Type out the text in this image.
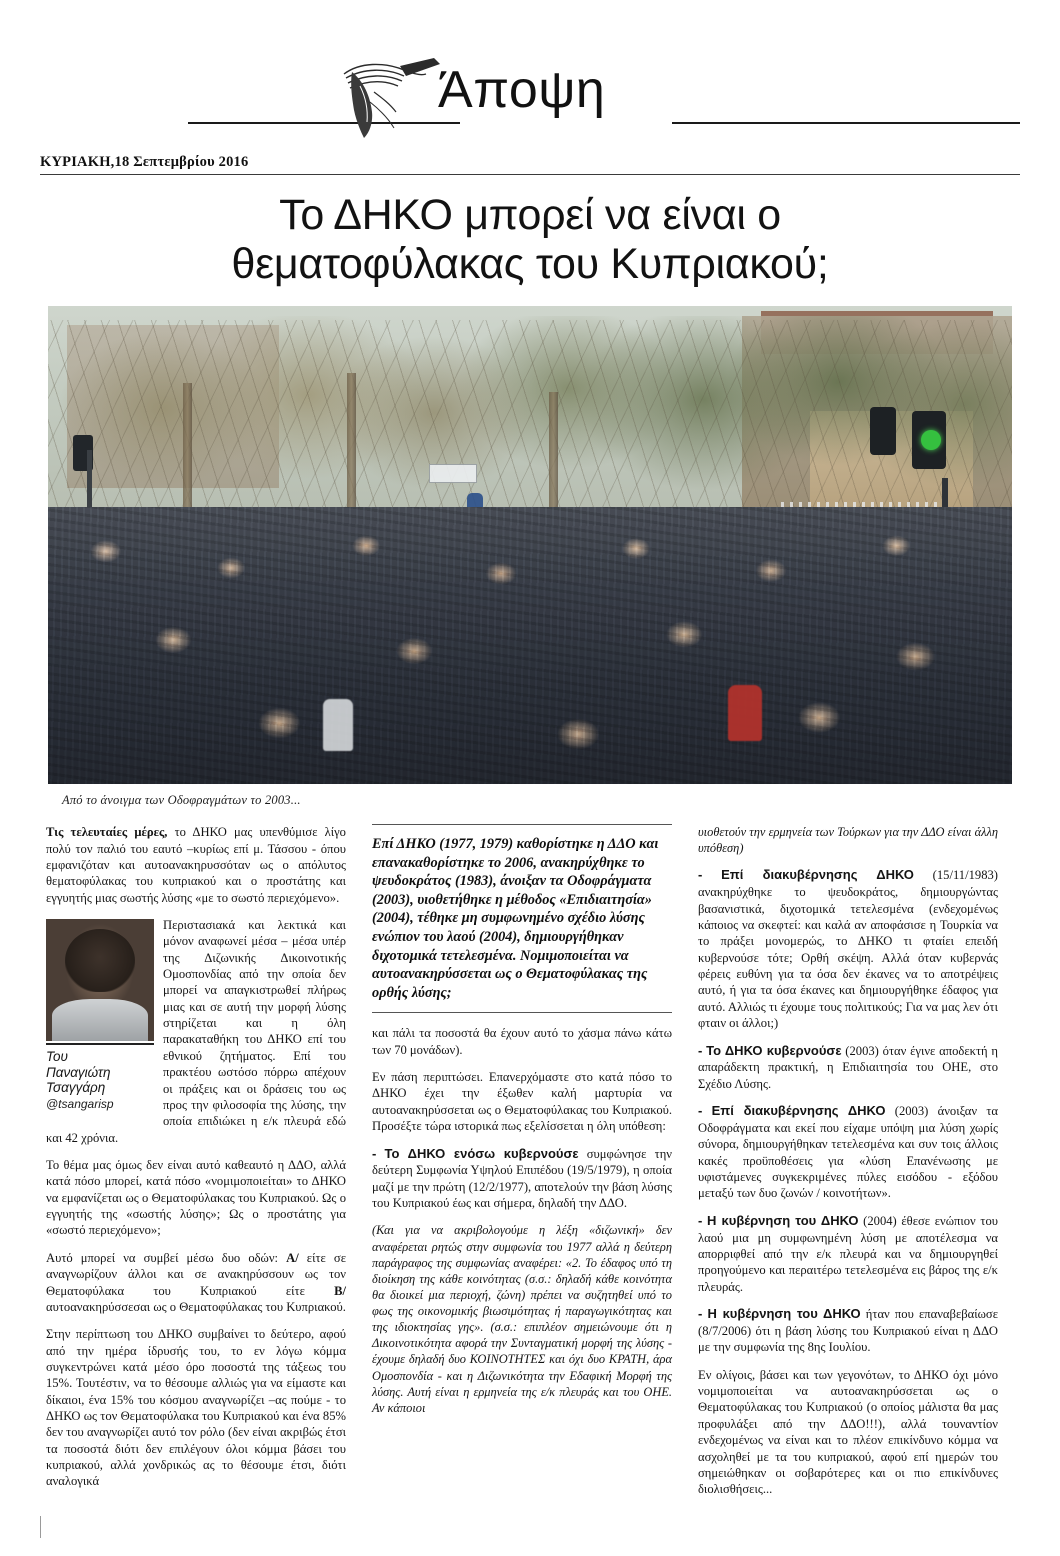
Άποψη
ΚΥΡΙΑΚΗ,18 Σεπτεμβρίου 2016
Το ΔΗΚΟ μπορεί να είναι ο
θεματοφύλακας του Κυπριακού;
Από το άνοιγμα των Οδοφραγμάτων το 2003...

Τις τελευταίες μέρες, το ΔΗΚΟ μας υπενθύμισε λίγο πολύ τον παλιό του εαυτό –κυρίως επί μ. Τάσσου - όπου εμφανιζόταν και αυτοανακηρυσσόταν ως ο απόλυτος θεματοφύλακας του κυπριακού και ο προστάτης και εγγυητής μιας σωστής λύσης «με το σωστό περιεχόμενο».

Του
Παναγιώτη
Τσαγγάρη
@tsangarisp

Περιστασιακά και λεκτικά και μόνον αναφωνεί μέσα – μέσα υπέρ της Διζωνικής Δικοινοτικής Ομοσπονδίας από την οποία δεν μπορεί να απαγκιστρωθεί πλήρως μιας και σε αυτή την μορφή λύσης στηρίζεται και η όλη παρακαταθήκη του ΔΗΚΟ επί του εθνικού ζητήματος. Επί του πρακτέου ωστόσο πόρρω απέχουν οι πράξεις και οι δράσεις του ως προς την φιλοσοφία της λύσης, την οποία επιδιώκει η ε/κ πλευρά εδώ και 42 χρόνια.

Το θέμα μας όμως δεν είναι αυτό καθεαυτό η ΔΔΟ, αλλά κατά πόσο μπορεί, κατά πόσο «νομιμοποιείται» το ΔΗΚΟ να εμφανίζεται ως ο Θεματοφύλακας του Κυπριακού. Ως ο εγγυητής της «σωστής λύσης»; Ως ο προστάτης για «σωστό περιεχόμενο»;

Αυτό μπορεί να συμβεί μέσω δυο οδών: Α/ είτε σε αναγνωρίζουν άλλοι και σε ανακηρύσσουν ως τον Θεματοφύλακα του Κυπριακού είτε Β/ αυτοανακηρύσσεσαι ως ο Θεματοφύλακας του Κυπριακού.

Στην περίπτωση του ΔΗΚΟ συμβαίνει το δεύτερο, αφού από την ημέρα ίδρυσής του, το εν λόγω κόμμα συγκεντρώνει κατά μέσο όρο ποσοστά της τάξεως του 15%. Τουτέστιν, να το θέσουμε αλλιώς για να είμαστε και δίκαιοι, ένα 15% του κόσμου αναγνωρίζει –ας πούμε - το ΔΗΚΟ ως τον Θεματοφύλακα του Κυπριακού και ένα 85% δεν του αναγνωρίζει αυτό τον ρόλο (δεν είναι ακριβώς έτσι τα ποσοστά διότι δεν επιλέγουν όλοι κόμμα βάσει του κυπριακού, αλλά χονδρικώς ας το θέσουμε έτσι, διότι αναλογικά

Επί ΔΗΚΟ (1977, 1979) καθορίστηκε η ΔΔΟ και επανακαθορίστηκε το 2006, ανακηρύχθηκε το ψευδοκράτος (1983), άνοιξαν τα Οδοφράγματα (2003), υιοθετήθηκε η μέθοδος «Επιδιαιτησία» (2004), τέθηκε μη συμφωνημένο σχέδιο λύσης ενώπιον του λαού (2004), δημιουργήθηκαν διχοτομικά τετελεσμένα. Νομιμοποιείται να αυτοανακηρύσσεται ως ο Θεματοφύλακας της ορθής λύσης;

και πάλι τα ποσοστά θα έχουν αυτό το χάσμα πάνω κάτω των 70 μονάδων).

Εν πάση περιπτώσει. Επανερχόμαστε στο κατά πόσο το ΔΗΚΟ έχει την έξωθεν καλή μαρτυρία να αυτοανακηρύσσεται ως ο Θεματοφύλακας του Κυπριακού. Προσέξτε τώρα ιστορικά πως εξελίσσεται η όλη υπόθεση:

- Το ΔΗΚΟ ενόσω κυβερνούσε συμφώνησε την δεύτερη Συμφωνία Υψηλού Επιπέδου (19/5/1979), η οποία μαζί με την πρώτη (12/2/1977), αποτελούν την βάση λύσης του Κυπριακού έως και σήμερα, δηλαδή την ΔΔΟ.

(Και για να ακριβολογούμε η λέξη «διζωνική» δεν αναφέρεται ρητώς στην συμφωνία του 1977 αλλά η δεύτερη παράγραφος της συμφωνίας αναφέρει: «2. Το έδαφος υπό τη διοίκηση της κάθε κοινότητας (σ.σ.: δηλαδή κάθε κοινότητα θα διοικεί μια περιοχή, ζώνη) πρέπει να συζητηθεί υπό το φως της οικονομικής βιωσιμότητας ή παραγωγικότητας και της ιδιοκτησίας γης». (σ.σ.: επιπλέον σημειώνουμε ότι η Δικοινοτικότητα αφορά την Συνταγματική μορφή της λύσης - έχουμε δηλαδή δυο ΚΟΙΝΟΤΗΤΕΣ και όχι δυο ΚΡΑΤΗ, άρα Ομοσπονδία - και η Διζωνικότητα την Εδαφική Μορφή της λύσης. Αυτή είναι η ερμηνεία της ε/κ πλευράς και του ΟΗΕ. Αν κάποιοι

υιοθετούν την ερμηνεία των Τούρκων για την ΔΔΟ είναι άλλη υπόθεση)

- Επί διακυβέρνησης ΔΗΚΟ (15/11/1983) ανακηρύχθηκε το ψευδοκράτος, δημιουργώντας βασανιστικά, διχοτομικά τετελεσμένα (ενδεχομένως κάποιος να σκεφτεί: και καλά αν αποφάσισε η Τουρκία να το πράξει μονομερώς, το ΔΗΚΟ τι φταίει επειδή κυβερνούσε τότε; Ορθή σκέψη. Αλλά όταν κυβερνάς φέρεις ευθύνη για τα όσα δεν έκανες να το αποτρέψεις αυτό, ή για τα όσα έκανες και δημιουργήθηκε έδαφος για αυτό. Αλλιώς τι έχουμε τους πολιτικούς; Για να μας λεν ότι φταιν οι άλλοι;)

- Το ΔΗΚΟ κυβερνούσε (2003) όταν έγινε αποδεκτή η απαράδεκτη πρακτική, η Επιδιαιτησία του ΟΗΕ, στο Σχέδιο Λύσης.

- Επί διακυβέρνησης ΔΗΚΟ (2003) άνοιξαν τα Οδοφράγματα και εκεί που είχαμε υπόψη μια λύση χωρίς σύνορα, δημιουργήθηκαν τετελεσμένα και συν τοις άλλοις κακές προϋποθέσεις για «λύση Επανένωσης με υφιστάμενες συγκεκριμένες πύλες εισόδου - εξόδου μεταξύ των δυο ζωνών / κοινοτήτων».

- Η κυβέρνηση του ΔΗΚΟ (2004) έθεσε ενώπιον του λαού μια μη συμφωνημένη λύση με αποτέλεσμα να απορριφθεί από την ε/κ πλευρά και να δημιουργηθεί προηγούμενο και περαιτέρω τετελεσμένα εις βάρος της ε/κ πλευράς.

- Η κυβέρνηση του ΔΗΚΟ ήταν που επαναβεβαίωσε (8/7/2006) ότι η βάση λύσης του Κυπριακού είναι η ΔΔΟ με την συμφωνία της 8ης Ιουλίου.

Εν ολίγοις, βάσει και των γεγονότων, το ΔΗΚΟ όχι μόνο νομιμοποιείται να αυτοανακηρύσσεται ως ο Θεματοφύλακας του Κυπριακού (ο οποίος μάλιστα θα μας προφυλάξει από την ΔΔΟ!!!), αλλά τουναντίον ενδεχομένως να είναι και το πλέον επικίνδυνο κόμμα να ασχοληθεί με τα του κυπριακού, αφού επί ημερών του σημειώθηκαν οι σοβαρότερες και οι πιο επικίνδυνες διολισθήσεις...
